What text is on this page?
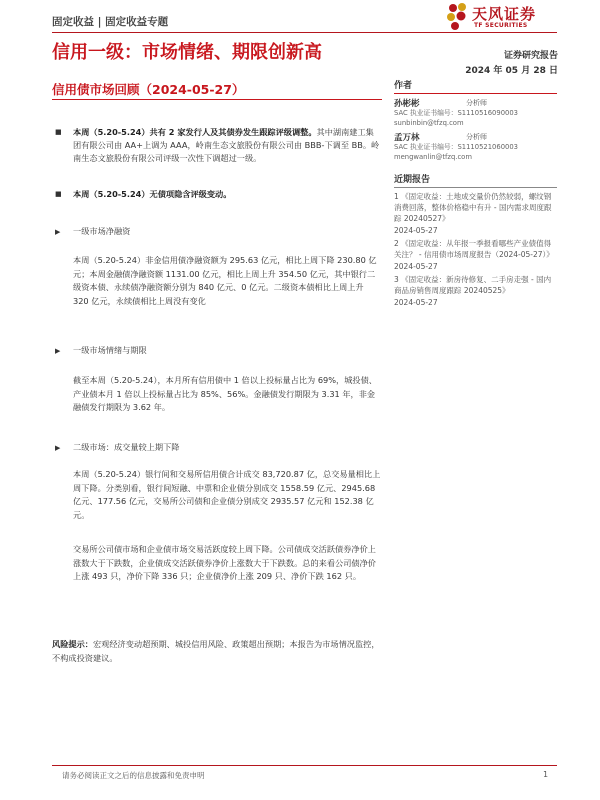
固定收益 | 固定收益专题	天风证券
TF SECURITIES
信用一级：市场情绪、期限创新高	证券研究报告
2024 年 05 月 28 日
信用债市场回顾（2024-05-27）
■	本周（5.20-5.24）共有 2 家发行人及其债券发生跟踪评级调整。其中湖南建工集团有限公司由 AA+上调为 AAA，岭南生态文旅股份有限公司由 BBB-下调至 BB。岭南生态文旅股份有限公司评级一次性下调超过一级。
■	本周（5.20-5.24）无债项隐含评级变动。
▶ 一级市场净融资
本周（5.20-5.24）非金信用债净融资额为 295.63 亿元，相比上周下降 230.80 亿元；本周金融债净融资额 1131.00 亿元，相比上周上升 354.50 亿元，其中银行二级资本债、永续债净融资额分别为 840 亿元、0 亿元。二级资本债相比上周上升 320 亿元，永续债相比上周没有变化
▶ 一级市场情绪与期限
截至本周（5.20-5.24），本月所有信用债中 1 倍以上投标量占比为 69%，城投债、产业债本月 1 倍以上投标量占比为 85%、56%。金融债发行期限为 3.31 年，非金融债发行期限为 3.62 年。
▶ 二级市场：成交量较上期下降
本周（5.20-5.24）银行间和交易所信用债合计成交 83,720.87 亿，总交易量相比上周下降。分类别看，银行间短融、中票和企业债分别成交 1558.59 亿元、2945.68 亿元、177.56 亿元，交易所公司债和企业债分别成交 2935.57 亿元和 152.38 亿元。
交易所公司债市场和企业债市场交易活跃度较上周下降。公司债成交活跃债券净价上涨数大于下跌数，企业债成交活跃债券净价上涨数大于下跌数。总的来看公司债净价上涨 493 只，净价下降 336 只；企业债净价上涨 209 只、净价下跌 162 只。
风险提示：宏观经济变动超预期、城投信用风险、政策超出预期；本报告为市场情况监控，不构成投资建议。
作者
孙彬彬	分析师
SAC 执业证书编号：S1110516090003
sunbinbin@tfzq.com
孟万林	分析师
SAC 执业证书编号：S1110521060003
mengwanlin@tfzq.com
近期报告
1 《固定收益：土地成交量价仍然较弱，螺纹钢消费回落，整体价格稳中有升 - 国内需求周度跟踪 20240527》
2024-05-27
2 《固定收益：从年报一季报看哪些产业债值得关注？ - 信用债市场周度报告（2024-05-27）》
2024-05-27
3 《固定收益：新房待修复、二手房走强 - 国内商品房销售周度跟踪 20240525》
2024-05-27
请务必阅读正文之后的信息披露和免责申明	1
